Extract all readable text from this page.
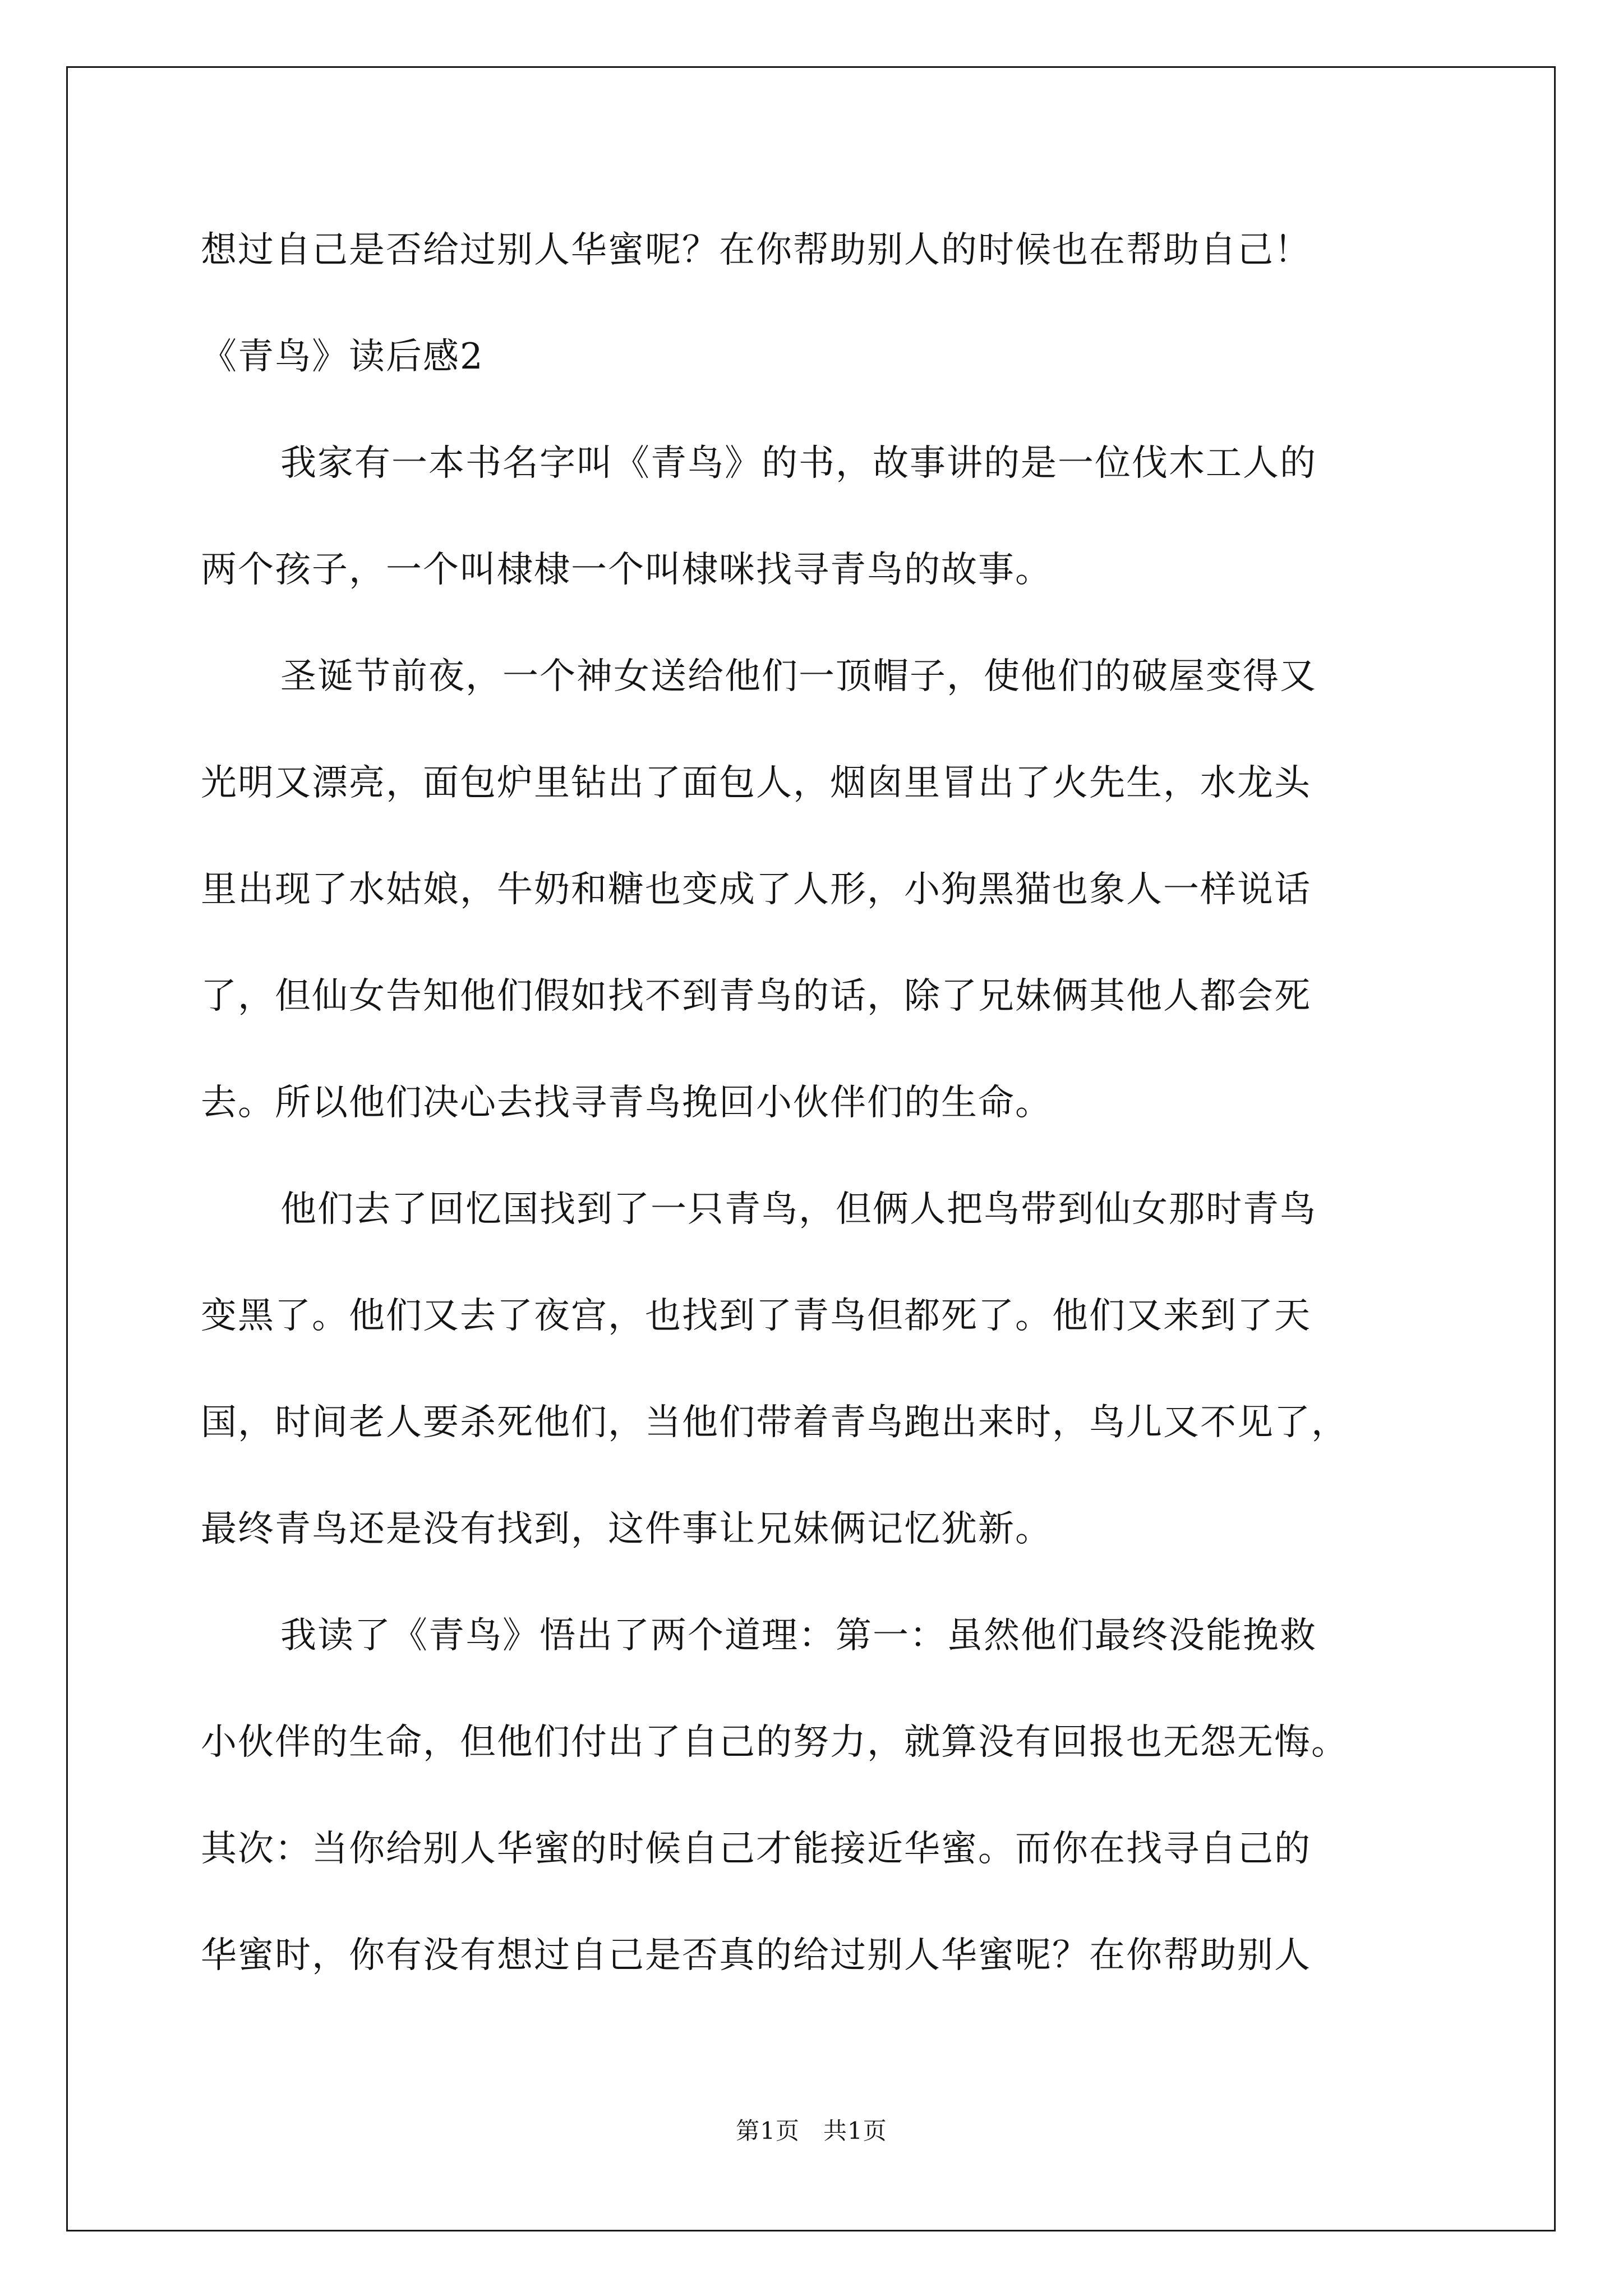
想过自己是否给过别人华蜜呢？在你帮助别人的时候也在帮助自己！
《青鸟》读后感2
我家有一本书名字叫《青鸟》的书，故事讲的是一位伐木工人的
两个孩子，一个叫棣棣一个叫棣咪找寻青鸟的故事。
圣诞节前夜，一个神女送给他们一顶帽子，使他们的破屋变得又
光明又漂亮，面包炉里钻出了面包人，烟囱里冒出了火先生，水龙头
里出现了水姑娘，牛奶和糖也变成了人形，小狗黑猫也象人一样说话
了，但仙女告知他们假如找不到青鸟的话，除了兄妹俩其他人都会死
去。所以他们决心去找寻青鸟挽回小伙伴们的生命。
他们去了回忆国找到了一只青鸟，但俩人把鸟带到仙女那时青鸟
变黑了。他们又去了夜宫，也找到了青鸟但都死了。他们又来到了天
国，时间老人要杀死他们，当他们带着青鸟跑出来时，鸟儿又不见了，
最终青鸟还是没有找到，这件事让兄妹俩记忆犹新。
我读了《青鸟》悟出了两个道理：第一：虽然他们最终没能挽救
小伙伴的生命，但他们付出了自己的努力，就算没有回报也无怨无悔。
其次：当你给别人华蜜的时候自己才能接近华蜜。而你在找寻自己的
华蜜时，你有没有想过自己是否真的给过别人华蜜呢？在你帮助别人
第1页 共1页
